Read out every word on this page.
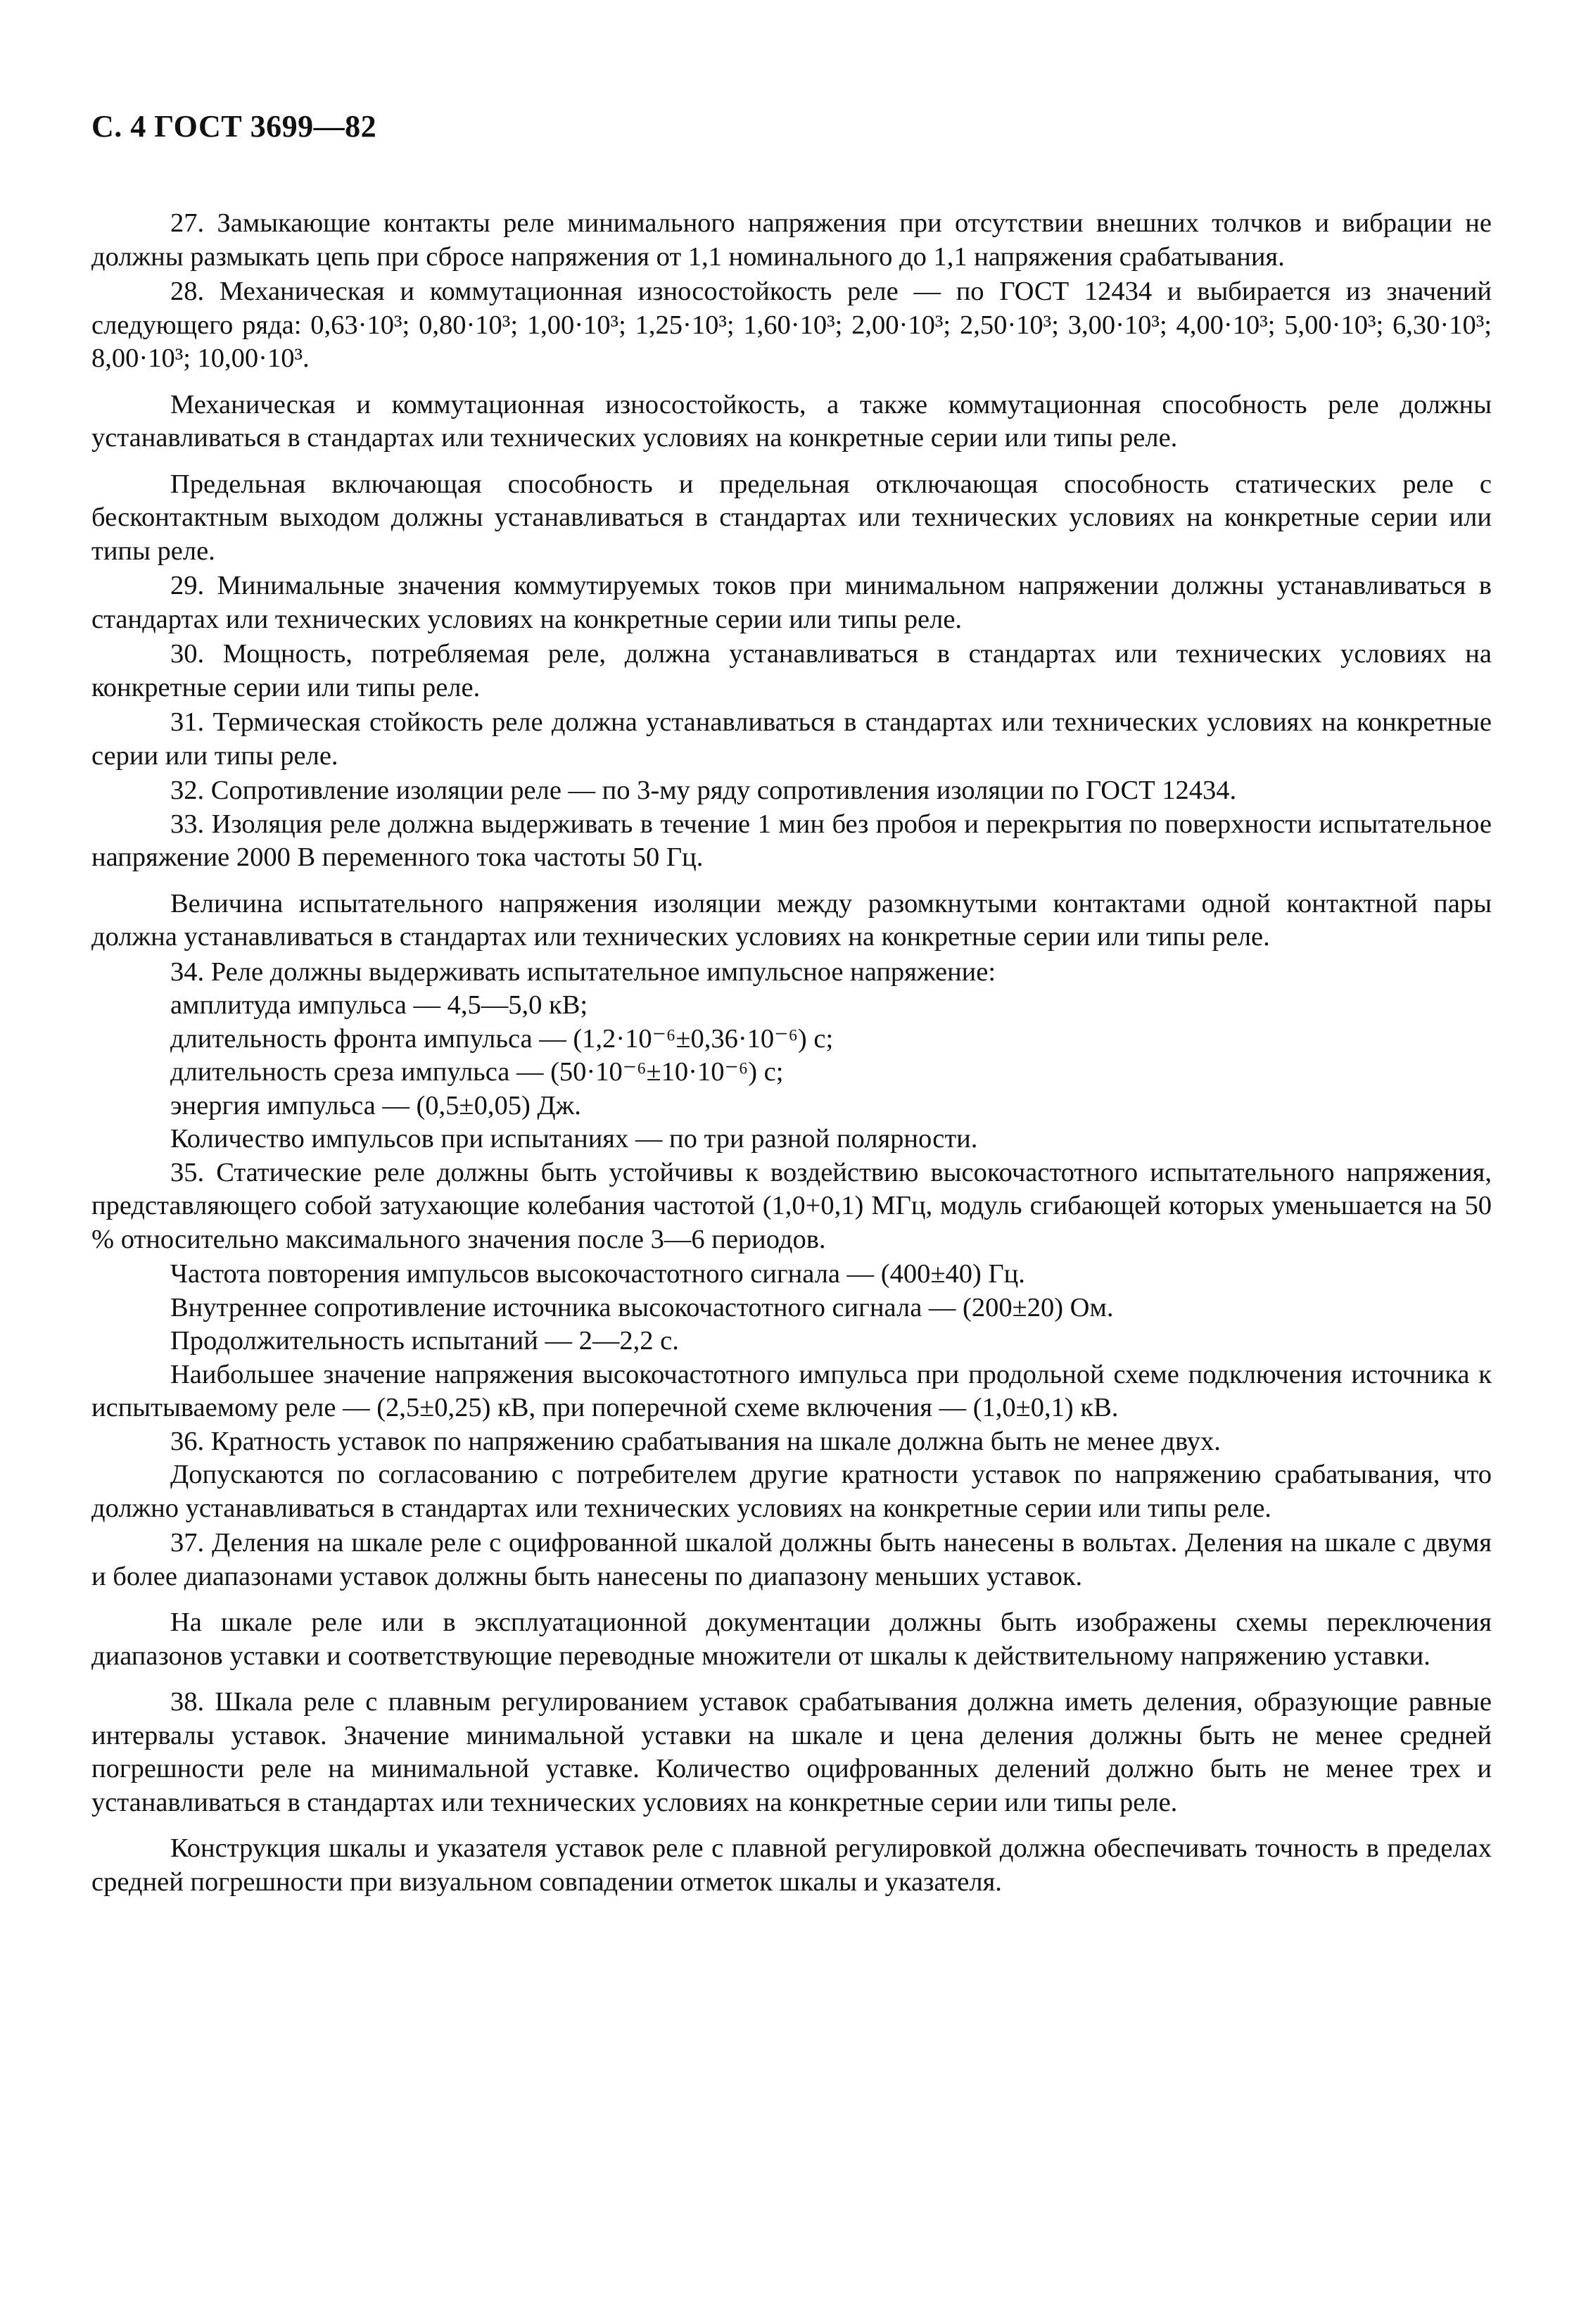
С. 4 ГОСТ 3699—82

27. Замыкающие контакты реле минимального напряжения при отсутствии внешних толчков и вибрации не должны размыкать цепь при сбросе напряжения от 1,1 номинального до 1,1 напряжения срабатывания.

28. Механическая и коммутационная износостойкость реле — по ГОСТ 12434 и выбирается из значений следующего ряда: 0,63·10³; 0,80·10³; 1,00·10³; 1,25·10³; 1,60·10³; 2,00·10³; 2,50·10³; 3,00·10³; 4,00·10³; 5,00·10³; 6,30·10³; 8,00·10³; 10,00·10³.

Механическая и коммутационная износостойкость, а также коммутационная способность реле должны устанавливаться в стандартах или технических условиях на конкретные серии или типы реле.

Предельная включающая способность и предельная отключающая способность статических реле с бесконтактным выходом должны устанавливаться в стандартах или технических условиях на конкретные серии или типы реле.

29. Минимальные значения коммутируемых токов при минимальном напряжении должны устанавливаться в стандартах или технических условиях на конкретные серии или типы реле.

30. Мощность, потребляемая реле, должна устанавливаться в стандартах или технических условиях на конкретные серии или типы реле.

31. Термическая стойкость реле должна устанавливаться в стандартах или технических условиях на конкретные серии или типы реле.

32. Сопротивление изоляции реле — по 3-му ряду сопротивления изоляции по ГОСТ 12434.

33. Изоляция реле должна выдерживать в течение 1 мин без пробоя и перекрытия по поверхности испытательное напряжение 2000 В переменного тока частоты 50 Гц.

Величина испытательного напряжения изоляции между разомкнутыми контактами одной контактной пары должна устанавливаться в стандартах или технических условиях на конкретные серии или типы реле.

34. Реле должны выдерживать испытательное импульсное напряжение:

амплитуда импульса — 4,5—5,0 кВ;

длительность фронта импульса — (1,2·10⁻⁶±0,36·10⁻⁶) с;

длительность среза импульса — (50·10⁻⁶±10·10⁻⁶) с;

энергия импульса — (0,5±0,05) Дж.

Количество импульсов при испытаниях — по три разной полярности.

35. Статические реле должны быть устойчивы к воздействию высокочастотного испытательного напряжения, представляющего собой затухающие колебания частотой (1,0+0,1) МГц, модуль сгибающей которых уменьшается на 50 % относительно максимального значения после 3—6 периодов.

Частота повторения импульсов высокочастотного сигнала — (400±40) Гц.

Внутреннее сопротивление источника высокочастотного сигнала — (200±20) Ом.

Продолжительность испытаний — 2—2,2 с.

Наибольшее значение напряжения высокочастотного импульса при продольной схеме подключения источника к испытываемому реле — (2,5±0,25) кВ, при поперечной схеме включения — (1,0±0,1) кВ.

36. Кратность уставок по напряжению срабатывания на шкале должна быть не менее двух.

Допускаются по согласованию с потребителем другие кратности уставок по напряжению срабатывания, что должно устанавливаться в стандартах или технических условиях на конкретные серии или типы реле.

37. Деления на шкале реле с оцифрованной шкалой должны быть нанесены в вольтах. Деления на шкале с двумя и более диапазонами уставок должны быть нанесены по диапазону меньших уставок.

На шкале реле или в эксплуатационной документации должны быть изображены схемы переключения диапазонов уставки и соответствующие переводные множители от шкалы к действительному напряжению уставки.

38. Шкала реле с плавным регулированием уставок срабатывания должна иметь деления, образующие равные интервалы уставок. Значение минимальной уставки на шкале и цена деления должны быть не менее средней погрешности реле на минимальной уставке. Количество оцифрованных делений должно быть не менее трех и устанавливаться в стандартах или технических условиях на конкретные серии или типы реле.

Конструкция шкалы и указателя уставок реле с плавной регулировкой должна обеспечивать точность в пределах средней погрешности при визуальном совпадении отметок шкалы и указателя.
